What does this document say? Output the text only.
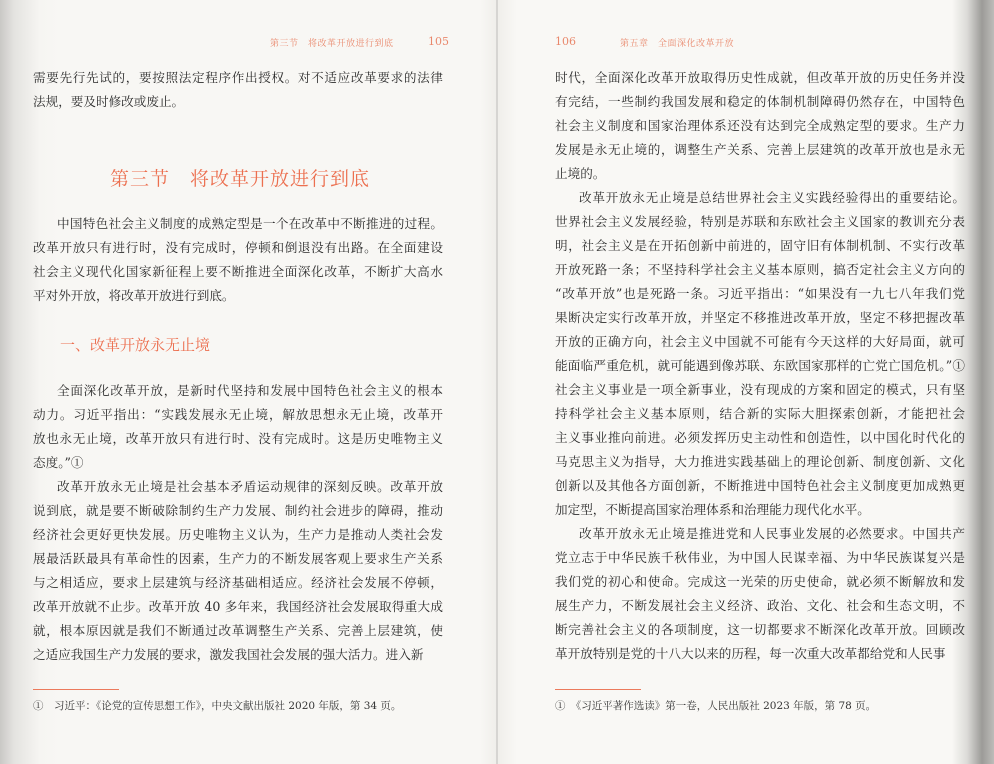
第三节　将改革开放进行到底	105
需要先行先试的，要按照法定程序作出授权。对不适应改革要求的法律
法规，要及时修改或废止。
第三节　将改革开放进行到底
中国特色社会主义制度的成熟定型是一个在改革中不断推进的过程。
改革开放只有进行时，没有完成时，停顿和倒退没有出路。在全面建设
社会主义现代化国家新征程上要不断推进全面深化改革，不断扩大高水
平对外开放，将改革开放进行到底。
一、改革开放永无止境
全面深化改革开放，是新时代坚持和发展中国特色社会主义的根本
动力。习近平指出：“实践发展永无止境，解放思想永无止境，改革开
放也永无止境，改革开放只有进行时、没有完成时。这是历史唯物主义
态度。”①
改革开放永无止境是社会基本矛盾运动规律的深刻反映。改革开放
说到底，就是要不断破除制约生产力发展、制约社会进步的障碍，推动
经济社会更好更快发展。历史唯物主义认为，生产力是推动人类社会发
展最活跃最具有革命性的因素，生产力的不断发展客观上要求生产关系
与之相适应，要求上层建筑与经济基础相适应。经济社会发展不停顿，
改革开放就不止步。改革开放 40 多年来，我国经济社会发展取得重大成
就，根本原因就是我们不断通过改革调整生产关系、完善上层建筑，使
之适应我国生产力发展的要求，激发我国社会发展的强大活力。进入新
①　习近平：《论党的宣传思想工作》，中央文献出版社 2020 年版，第 34 页。
106	第五章　全面深化改革开放
时代，全面深化改革开放取得历史性成就，但改革开放的历史任务并没
有完结，一些制约我国发展和稳定的体制机制障碍仍然存在，中国特色
社会主义制度和国家治理体系还没有达到完全成熟定型的要求。生产力
发展是永无止境的，调整生产关系、完善上层建筑的改革开放也是永无
止境的。
改革开放永无止境是总结世界社会主义实践经验得出的重要结论。
世界社会主义发展经验，特别是苏联和东欧社会主义国家的教训充分表
明，社会主义是在开拓创新中前进的，固守旧有体制机制、不实行改革
开放死路一条；不坚持科学社会主义基本原则，搞否定社会主义方向的
“改革开放”也是死路一条。习近平指出：“如果没有一九七八年我们党
果断决定实行改革开放，并坚定不移推进改革开放，坚定不移把握改革
开放的正确方向，社会主义中国就不可能有今天这样的大好局面，就可
能面临严重危机，就可能遇到像苏联、东欧国家那样的亡党亡国危机。”①
社会主义事业是一项全新事业，没有现成的方案和固定的模式，只有坚
持科学社会主义基本原则，结合新的实际大胆探索创新，才能把社会
主义事业推向前进。必须发挥历史主动性和创造性，以中国化时代化的
马克思主义为指导，大力推进实践基础上的理论创新、制度创新、文化
创新以及其他各方面创新，不断推进中国特色社会主义制度更加成熟更
加定型，不断提高国家治理体系和治理能力现代化水平。
改革开放永无止境是推进党和人民事业发展的必然要求。中国共产
党立志于中华民族千秋伟业，为中国人民谋幸福、为中华民族谋复兴是
我们党的初心和使命。完成这一光荣的历史使命，就必须不断解放和发
展生产力，不断发展社会主义经济、政治、文化、社会和生态文明，不
断完善社会主义的各项制度，这一切都要求不断深化改革开放。回顾改
革开放特别是党的十八大以来的历程，每一次重大改革都给党和人民事
①　《习近平著作选读》第一卷，人民出版社 2023 年版，第 78 页。
